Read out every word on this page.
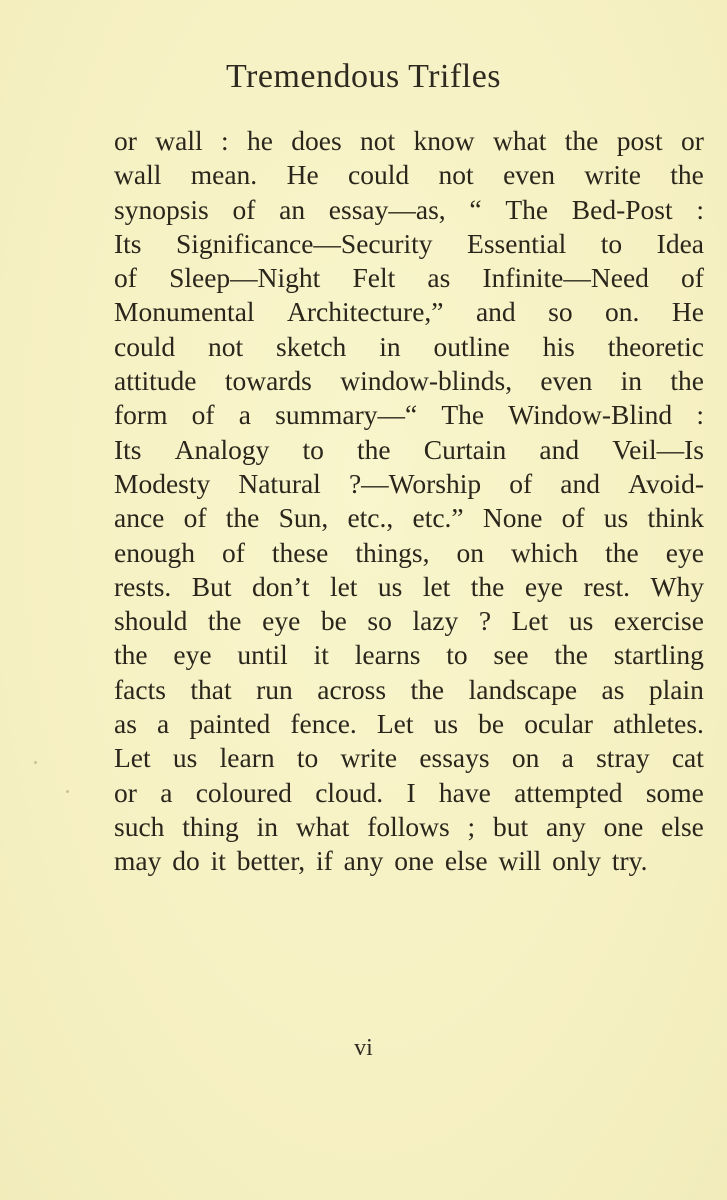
Tremendous Trifles
or wall : he does not know what the post or
wall mean. He could not even write the
synopsis of an essay—as, “ The Bed-Post :
Its Significance—Security Essential to Idea
of Sleep—Night Felt as Infinite—Need of
Monumental Architecture,” and so on. He
could not sketch in outline his theoretic
attitude towards window-blinds, even in the
form of a summary—“ The Window-Blind :
Its Analogy to the Curtain and Veil—Is
Modesty Natural ?—Worship of and Avoid-
ance of the Sun, etc., etc.” None of us think
enough of these things, on which the eye
rests. But don’t let us let the eye rest. Why
should the eye be so lazy ? Let us exercise
the eye until it learns to see the startling
facts that run across the landscape as plain
as a painted fence. Let us be ocular athletes.
Let us learn to write essays on a stray cat
or a coloured cloud. I have attempted some
such thing in what follows ; but any one else
may do it better, if any one else will only try.
vi
